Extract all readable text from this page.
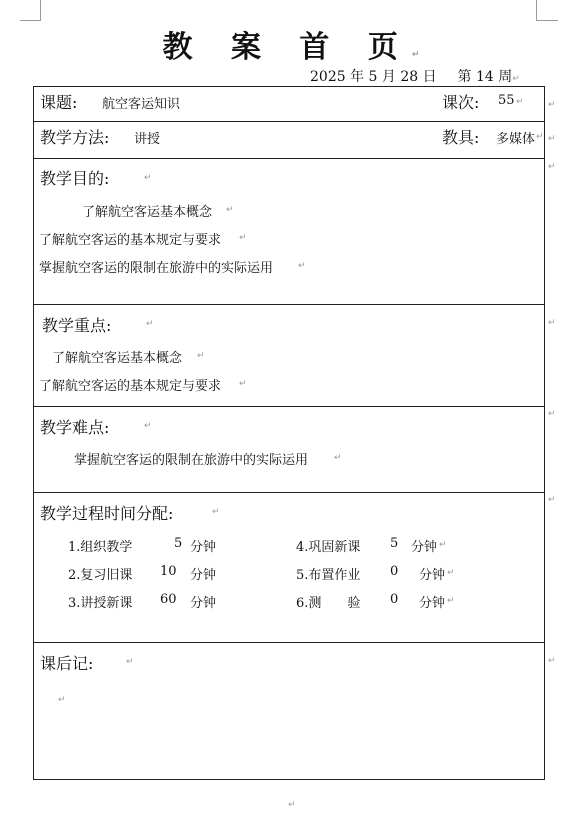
教 案 首 页↵
2025 年 5 月 28 日 第 14 周↵
课题: 航空客运知识	课次: 55 ↵	↵
教学方法: 讲授	教具: 多媒体 ↵ ↵
教学目的:	↵
了解航空客运基本概念 ↵
了解航空客运的基本规定与要求 ↵
掌握航空客运的限制在旅游中的实际运用	↵
↵
教学重点:	↵
了解航空客运基本概念 ↵
了解航空客运的基本规定与要求 ↵
↵
教学难点:	↵
掌握航空客运的限制在旅游中的实际运用	↵
↵
教学过程时间分配:	↵
1.组织教学	5 分钟	4.巩固新课 5 分钟 ↵
2.复习旧课 10 分钟	5.布置作业 0 分钟 ↵
3.讲授新课 60 分钟	6.测　　验 0 分钟 ↵
↵
课后记:	↵
↵
↵
↵
